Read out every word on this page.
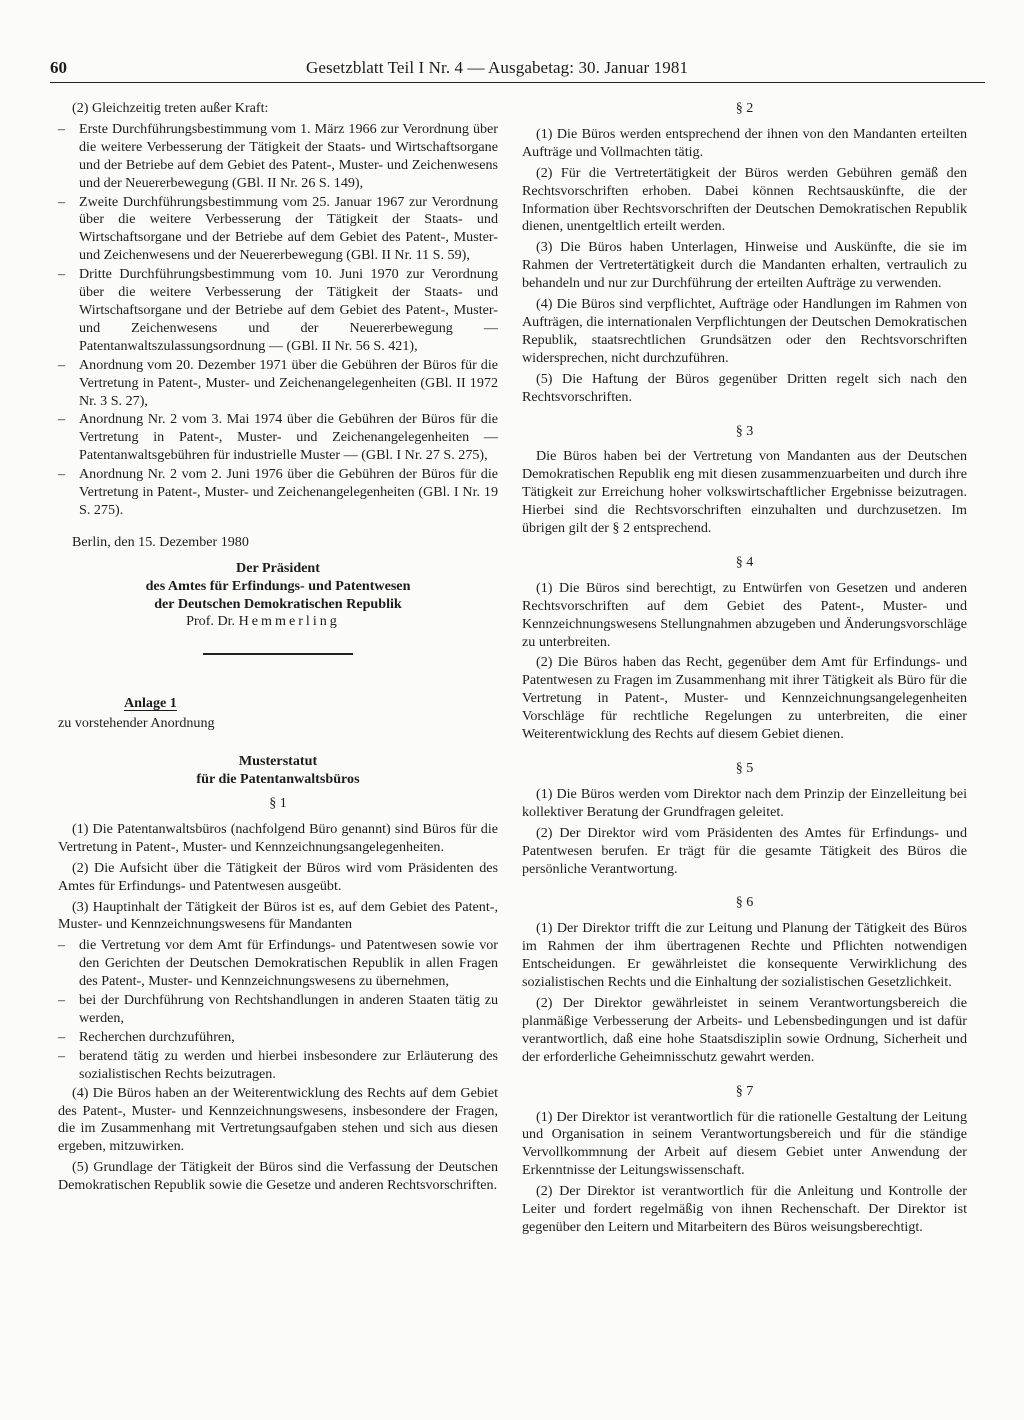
60	Gesetzblatt Teil I Nr. 4 — Ausgabetag: 30. Januar 1981

(2) Gleichzeitig treten außer Kraft:

– Erste Durchführungsbestimmung vom 1. März 1966 zur Verordnung über die weitere Verbesserung der Tätigkeit der Staats- und Wirtschaftsorgane und der Betriebe auf dem Gebiet des Patent-, Muster- und Zeichenwesens und der Neuererbewegung (GBl. II Nr. 26 S. 149),
– Zweite Durchführungsbestimmung vom 25. Januar 1967 zur Verordnung über die weitere Verbesserung der Tätigkeit der Staats- und Wirtschaftsorgane und der Betriebe auf dem Gebiet des Patent-, Muster- und Zeichenwesens und der Neuererbewegung (GBl. II Nr. 11 S. 59),
– Dritte Durchführungsbestimmung vom 10. Juni 1970 zur Verordnung über die weitere Verbesserung der Tätigkeit der Staats- und Wirtschaftsorgane und der Betriebe auf dem Gebiet des Patent-, Muster- und Zeichenwesens und der Neuererbewegung — Patentanwaltszulassungsordnung — (GBl. II Nr. 56 S. 421),
– Anordnung vom 20. Dezember 1971 über die Gebühren der Büros für die Vertretung in Patent-, Muster- und Zeichenangelegenheiten (GBl. II 1972 Nr. 3 S. 27),
– Anordnung Nr. 2 vom 3. Mai 1974 über die Gebühren der Büros für die Vertretung in Patent-, Muster- und Zeichenangelegenheiten — Patentanwaltsgebühren für industrielle Muster — (GBl. I Nr. 27 S. 275),
– Anordnung Nr. 2 vom 2. Juni 1976 über die Gebühren der Büros für die Vertretung in Patent-, Muster- und Zeichenangelegenheiten (GBl. I Nr. 19 S. 275).

Berlin, den 15. Dezember 1980

Der Präsident
des Amtes für Erfindungs- und Patentwesen
der Deutschen Demokratischen Republik
Prof. Dr. Hemmerling

Anlage 1

zu vorstehender Anordnung

Musterstatut

für die Patentanwaltsbüros

§ 1

(1) Die Patentanwaltsbüros (nachfolgend Büro genannt) sind Büros für die Vertretung in Patent-, Muster- und Kennzeichnungsangelegenheiten.

(2) Die Aufsicht über die Tätigkeit der Büros wird vom Präsidenten des Amtes für Erfindungs- und Patentwesen ausgeübt.

(3) Hauptinhalt der Tätigkeit der Büros ist es, auf dem Gebiet des Patent-, Muster- und Kennzeichnungswesens für Mandanten

– die Vertretung vor dem Amt für Erfindungs- und Patentwesen sowie vor den Gerichten der Deutschen Demokratischen Republik in allen Fragen des Patent-, Muster- und Kennzeichnungswesens zu übernehmen,
– bei der Durchführung von Rechtshandlungen in anderen Staaten tätig zu werden,
– Recherchen durchzuführen,
– beratend tätig zu werden und hierbei insbesondere zur Erläuterung des sozialistischen Rechts beizutragen.

(4) Die Büros haben an der Weiterentwicklung des Rechts auf dem Gebiet des Patent-, Muster- und Kennzeichnungswesens, insbesondere der Fragen, die im Zusammenhang mit Vertretungsaufgaben stehen und sich aus diesen ergeben, mitzuwirken.

(5) Grundlage der Tätigkeit der Büros sind die Verfassung der Deutschen Demokratischen Republik sowie die Gesetze und anderen Rechtsvorschriften.

§ 2

(1) Die Büros werden entsprechend der ihnen von den Mandanten erteilten Aufträge und Vollmachten tätig.

(2) Für die Vertretertätigkeit der Büros werden Gebühren gemäß den Rechtsvorschriften erhoben. Dabei können Rechtsauskünfte, die der Information über Rechtsvorschriften der Deutschen Demokratischen Republik dienen, unentgeltlich erteilt werden.

(3) Die Büros haben Unterlagen, Hinweise und Auskünfte, die sie im Rahmen der Vertretertätigkeit durch die Mandanten erhalten, vertraulich zu behandeln und nur zur Durchführung der erteilten Aufträge zu verwenden.

(4) Die Büros sind verpflichtet, Aufträge oder Handlungen im Rahmen von Aufträgen, die internationalen Verpflichtungen der Deutschen Demokratischen Republik, staatsrechtlichen Grundsätzen oder den Rechtsvorschriften widersprechen, nicht durchzuführen.

(5) Die Haftung der Büros gegenüber Dritten regelt sich nach den Rechtsvorschriften.

§ 3

Die Büros haben bei der Vertretung von Mandanten aus der Deutschen Demokratischen Republik eng mit diesen zusammenzuarbeiten und durch ihre Tätigkeit zur Erreichung hoher volkswirtschaftlicher Ergebnisse beizutragen. Hierbei sind die Rechtsvorschriften einzuhalten und durchzusetzen. Im übrigen gilt der § 2 entsprechend.

§ 4

(1) Die Büros sind berechtigt, zu Entwürfen von Gesetzen und anderen Rechtsvorschriften auf dem Gebiet des Patent-, Muster- und Kennzeichnungswesens Stellungnahmen abzugeben und Änderungsvorschläge zu unterbreiten.

(2) Die Büros haben das Recht, gegenüber dem Amt für Erfindungs- und Patentwesen zu Fragen im Zusammenhang mit ihrer Tätigkeit als Büro für die Vertretung in Patent-, Muster- und Kennzeichnungsangelegenheiten Vorschläge für rechtliche Regelungen zu unterbreiten, die einer Weiterentwicklung des Rechts auf diesem Gebiet dienen.

§ 5

(1) Die Büros werden vom Direktor nach dem Prinzip der Einzelleitung bei kollektiver Beratung der Grundfragen geleitet.

(2) Der Direktor wird vom Präsidenten des Amtes für Erfindungs- und Patentwesen berufen. Er trägt für die gesamte Tätigkeit des Büros die persönliche Verantwortung.

§ 6

(1) Der Direktor trifft die zur Leitung und Planung der Tätigkeit des Büros im Rahmen der ihm übertragenen Rechte und Pflichten notwendigen Entscheidungen. Er gewährleistet die konsequente Verwirklichung des sozialistischen Rechts und die Einhaltung der sozialistischen Gesetzlichkeit.

(2) Der Direktor gewährleistet in seinem Verantwortungsbereich die planmäßige Verbesserung der Arbeits- und Lebensbedingungen und ist dafür verantwortlich, daß eine hohe Staatsdisziplin sowie Ordnung, Sicherheit und der erforderliche Geheimnisschutz gewahrt werden.

§ 7

(1) Der Direktor ist verantwortlich für die rationelle Gestaltung der Leitung und Organisation in seinem Verantwortungsbereich und für die ständige Vervollkommnung der Arbeit auf diesem Gebiet unter Anwendung der Erkenntnisse der Leitungswissenschaft.

(2) Der Direktor ist verantwortlich für die Anleitung und Kontrolle der Leiter und fordert regelmäßig von ihnen Rechenschaft. Der Direktor ist gegenüber den Leitern und Mitarbeitern des Büros weisungsberechtigt.
